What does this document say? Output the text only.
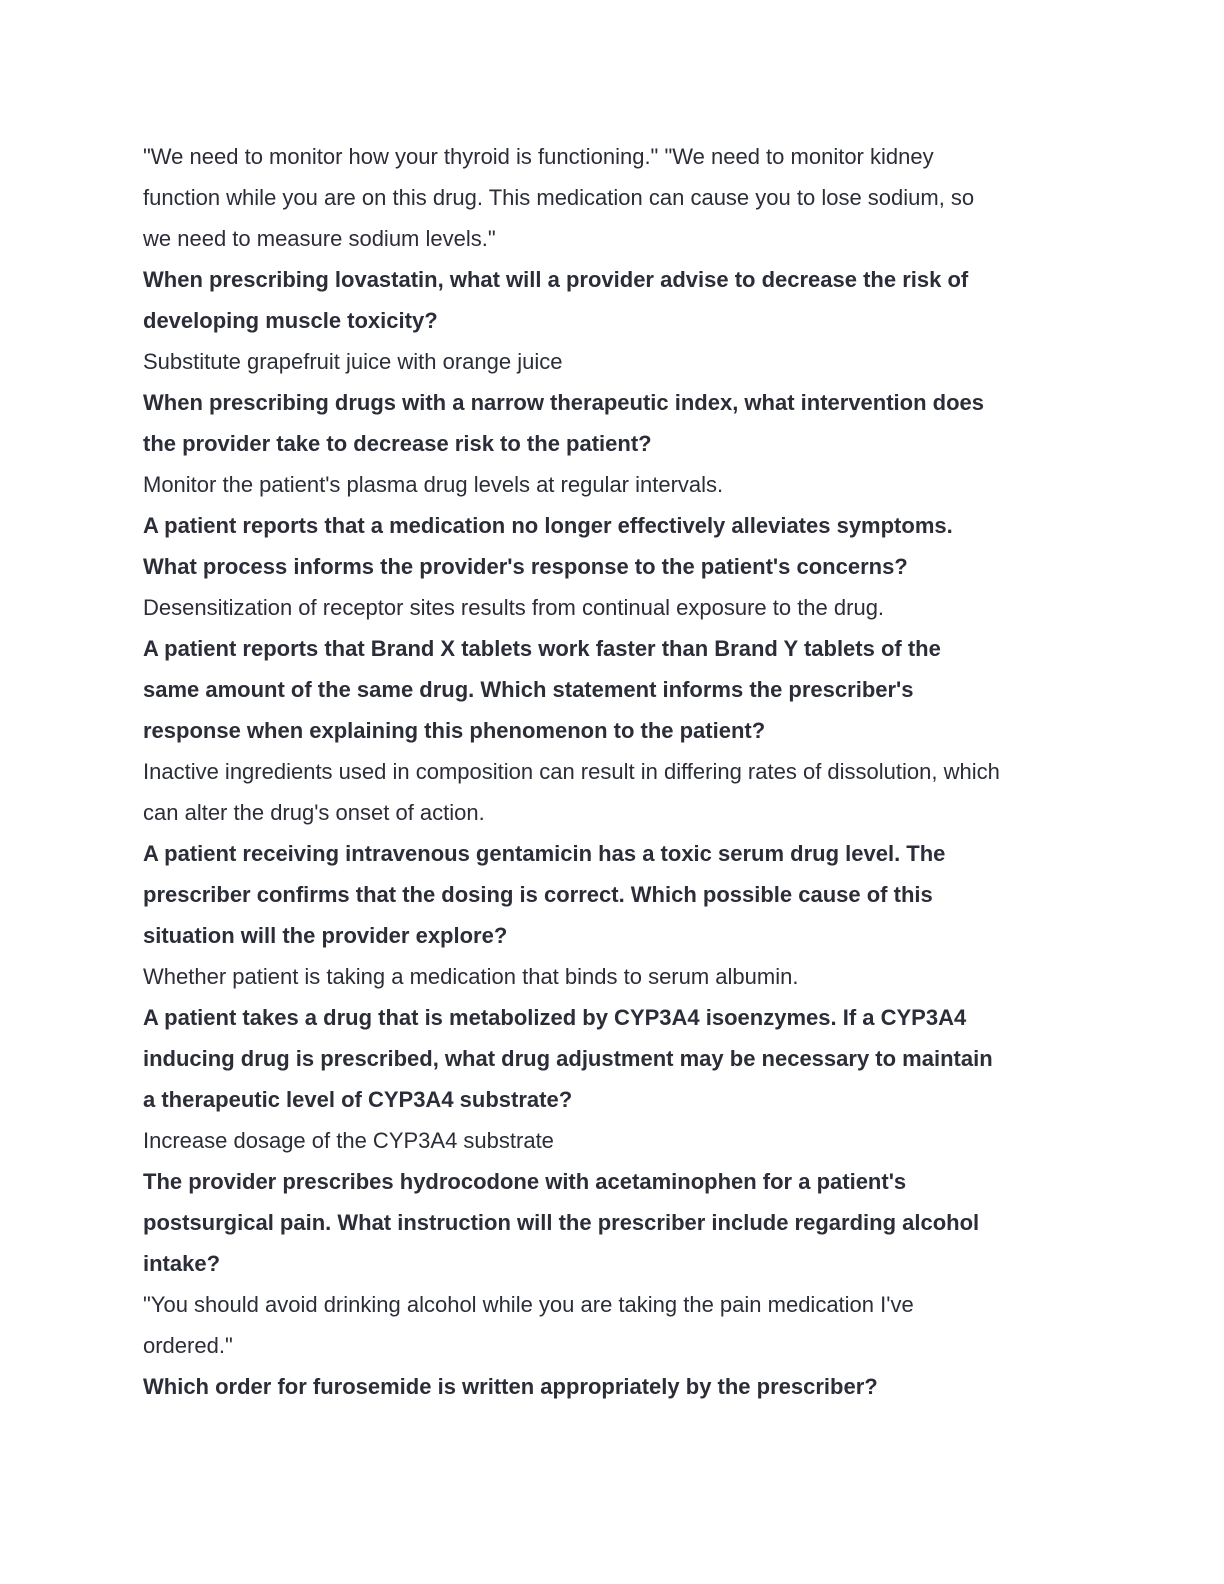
"We need to monitor how your thyroid is functioning." "We need to monitor kidney
function while you are on this drug. This medication can cause you to lose sodium, so
we need to measure sodium levels."
When prescribing lovastatin, what will a provider advise to decrease the risk of
developing muscle toxicity?
Substitute grapefruit juice with orange juice
When prescribing drugs with a narrow therapeutic index, what intervention does
the provider take to decrease risk to the patient?
Monitor the patient's plasma drug levels at regular intervals.
A patient reports that a medication no longer effectively alleviates symptoms.
What process informs the provider's response to the patient's concerns?
Desensitization of receptor sites results from continual exposure to the drug.
A patient reports that Brand X tablets work faster than Brand Y tablets of the
same amount of the same drug. Which statement informs the prescriber's
response when explaining this phenomenon to the patient?
Inactive ingredients used in composition can result in differing rates of dissolution, which
can alter the drug's onset of action.
A patient receiving intravenous gentamicin has a toxic serum drug level. The
prescriber confirms that the dosing is correct. Which possible cause of this
situation will the provider explore?
Whether patient is taking a medication that binds to serum albumin.
A patient takes a drug that is metabolized by CYP3A4 isoenzymes. If a CYP3A4
inducing drug is prescribed, what drug adjustment may be necessary to maintain
a therapeutic level of CYP3A4 substrate?
Increase dosage of the CYP3A4 substrate
The provider prescribes hydrocodone with acetaminophen for a patient's
postsurgical pain. What instruction will the prescriber include regarding alcohol
intake?
"You should avoid drinking alcohol while you are taking the pain medication I've
ordered."
Which order for furosemide is written appropriately by the prescriber?
